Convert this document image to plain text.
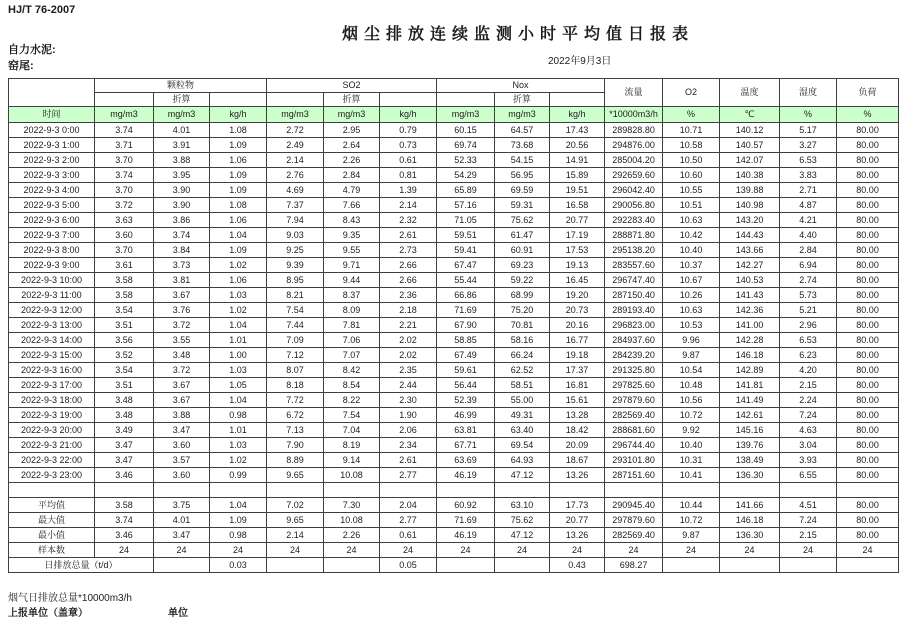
HJ/T 76-2007
烟尘排放连续监测小时平均值日报表
自力水泥:
窑尾:	2022年9月3日
	颗粒物			SO2			Nox			流量	O2	温度	湿度	负荷
		折算			折算			折算						
时间	mg/m3	mg/m3	kg/h	mg/m3	mg/m3	kg/h	mg/m3	mg/m3	kg/h	*10000m3/h	%	℃	%	%
2022-9-3 0:00	3.74	4.01	1.08	2.72	2.95	0.79	60.15	64.57	17.43	289828.80	10.71	140.12	5.17	80.00
2022-9-3 1:00	3.71	3.91	1.09	2.49	2.64	0.73	69.74	73.68	20.56	294876.00	10.58	140.57	3.27	80.00
2022-9-3 2:00	3.70	3.88	1.06	2.14	2.26	0.61	52.33	54.15	14.91	285004.20	10.50	142.07	6.53	80.00
2022-9-3 3:00	3.74	3.95	1.09	2.76	2.84	0.81	54.29	56.95	15.89	292659.60	10.60	140.38	3.83	80.00
2022-9-3 4:00	3.70	3.90	1.09	4.69	4.79	1.39	65.89	69.59	19.51	296042.40	10.55	139.88	2.71	80.00
2022-9-3 5:00	3.72	3.90	1.08	7.37	7.66	2.14	57.16	59.31	16.58	290056.80	10.51	140.98	4.87	80.00
2022-9-3 6:00	3.63	3.86	1.06	7.94	8.43	2.32	71.05	75.62	20.77	292283.40	10.63	143.20	4.21	80.00
2022-9-3 7:00	3.60	3.74	1.04	9.03	9.35	2.61	59.51	61.47	17.19	288871.80	10.42	144.43	4.40	80.00
2022-9-3 8:00	3.70	3.84	1.09	9.25	9.55	2.73	59.41	60.91	17.53	295138.20	10.40	143.66	2.84	80.00
2022-9-3 9:00	3.61	3.73	1.02	9.39	9.71	2.66	67.47	69.23	19.13	283557.60	10.37	142.27	6.94	80.00
2022-9-3 10:00	3.58	3.81	1.06	8.95	9.44	2.66	55.44	59.22	16.45	296747.40	10.67	140.53	2.74	80.00
2022-9-3 11:00	3.58	3.67	1.03	8.21	8.37	2.36	66.86	68.99	19.20	287150.40	10.26	141.43	5.73	80.00
2022-9-3 12:00	3.54	3.76	1.02	7.54	8.09	2.18	71.69	75.20	20.73	289193.40	10.63	142.36	5.21	80.00
2022-9-3 13:00	3.51	3.72	1.04	7.44	7.81	2.21	67.90	70.81	20.16	296823.00	10.53	141.00	2.96	80.00
2022-9-3 14:00	3.56	3.55	1.01	7.09	7.06	2.02	58.85	58.16	16.77	284937.60	9.96	142.28	6.53	80.00
2022-9-3 15:00	3.52	3.48	1.00	7.12	7.07	2.02	67.49	66.24	19.18	284239.20	9.87	146.18	6.23	80.00
2022-9-3 16:00	3.54	3.72	1.03	8.07	8.42	2.35	59.61	62.52	17.37	291325.80	10.54	142.89	4.20	80.00
2022-9-3 17:00	3.51	3.67	1.05	8.18	8.54	2.44	56.44	58.51	16.81	297825.60	10.48	141.81	2.15	80.00
2022-9-3 18:00	3.48	3.67	1.04	7.72	8.22	2.30	52.39	55.00	15.61	297879.60	10.56	141.49	2.24	80.00
2022-9-3 19:00	3.48	3.88	0.98	6.72	7.54	1.90	46.99	49.31	13.28	282569.40	10.72	142.61	7.24	80.00
2022-9-3 20:00	3.49	3.47	1.01	7.13	7.04	2.06	63.81	63.40	18.42	288681.60	9.92	145.16	4.63	80.00
2022-9-3 21:00	3.47	3.60	1.03	7.90	8.19	2.34	67.71	69.54	20.09	296744.40	10.40	139.76	3.04	80.00
2022-9-3 22:00	3.47	3.57	1.02	8.89	9.14	2.61	63.69	64.93	18.67	293101.80	10.31	138.49	3.93	80.00
2022-9-3 23:00	3.46	3.60	0.99	9.65	10.08	2.77	46.19	47.12	13.26	287151.60	10.41	136.30	6.55	80.00

平均值	3.58	3.75	1.04	7.02	7.30	2.04	60.92	63.10	17.73	290945.40	10.44	141.66	4.51	80.00
最大值	3.74	4.01	1.09	9.65	10.08	2.77	71.69	75.62	20.77	297879.60	10.72	146.18	7.24	80.00
最小值	3.46	3.47	0.98	2.14	2.26	0.61	46.19	47.12	13.26	282569.40	9.87	136.30	2.15	80.00
样本数	24	24	24	24	24	24	24	24	24	24	24	24	24	24
日排放总量（t/d）			0.03			0.05			0.43	698.27				
烟气日排放总量*10000m3/h
上报单位（盖章）	单位
